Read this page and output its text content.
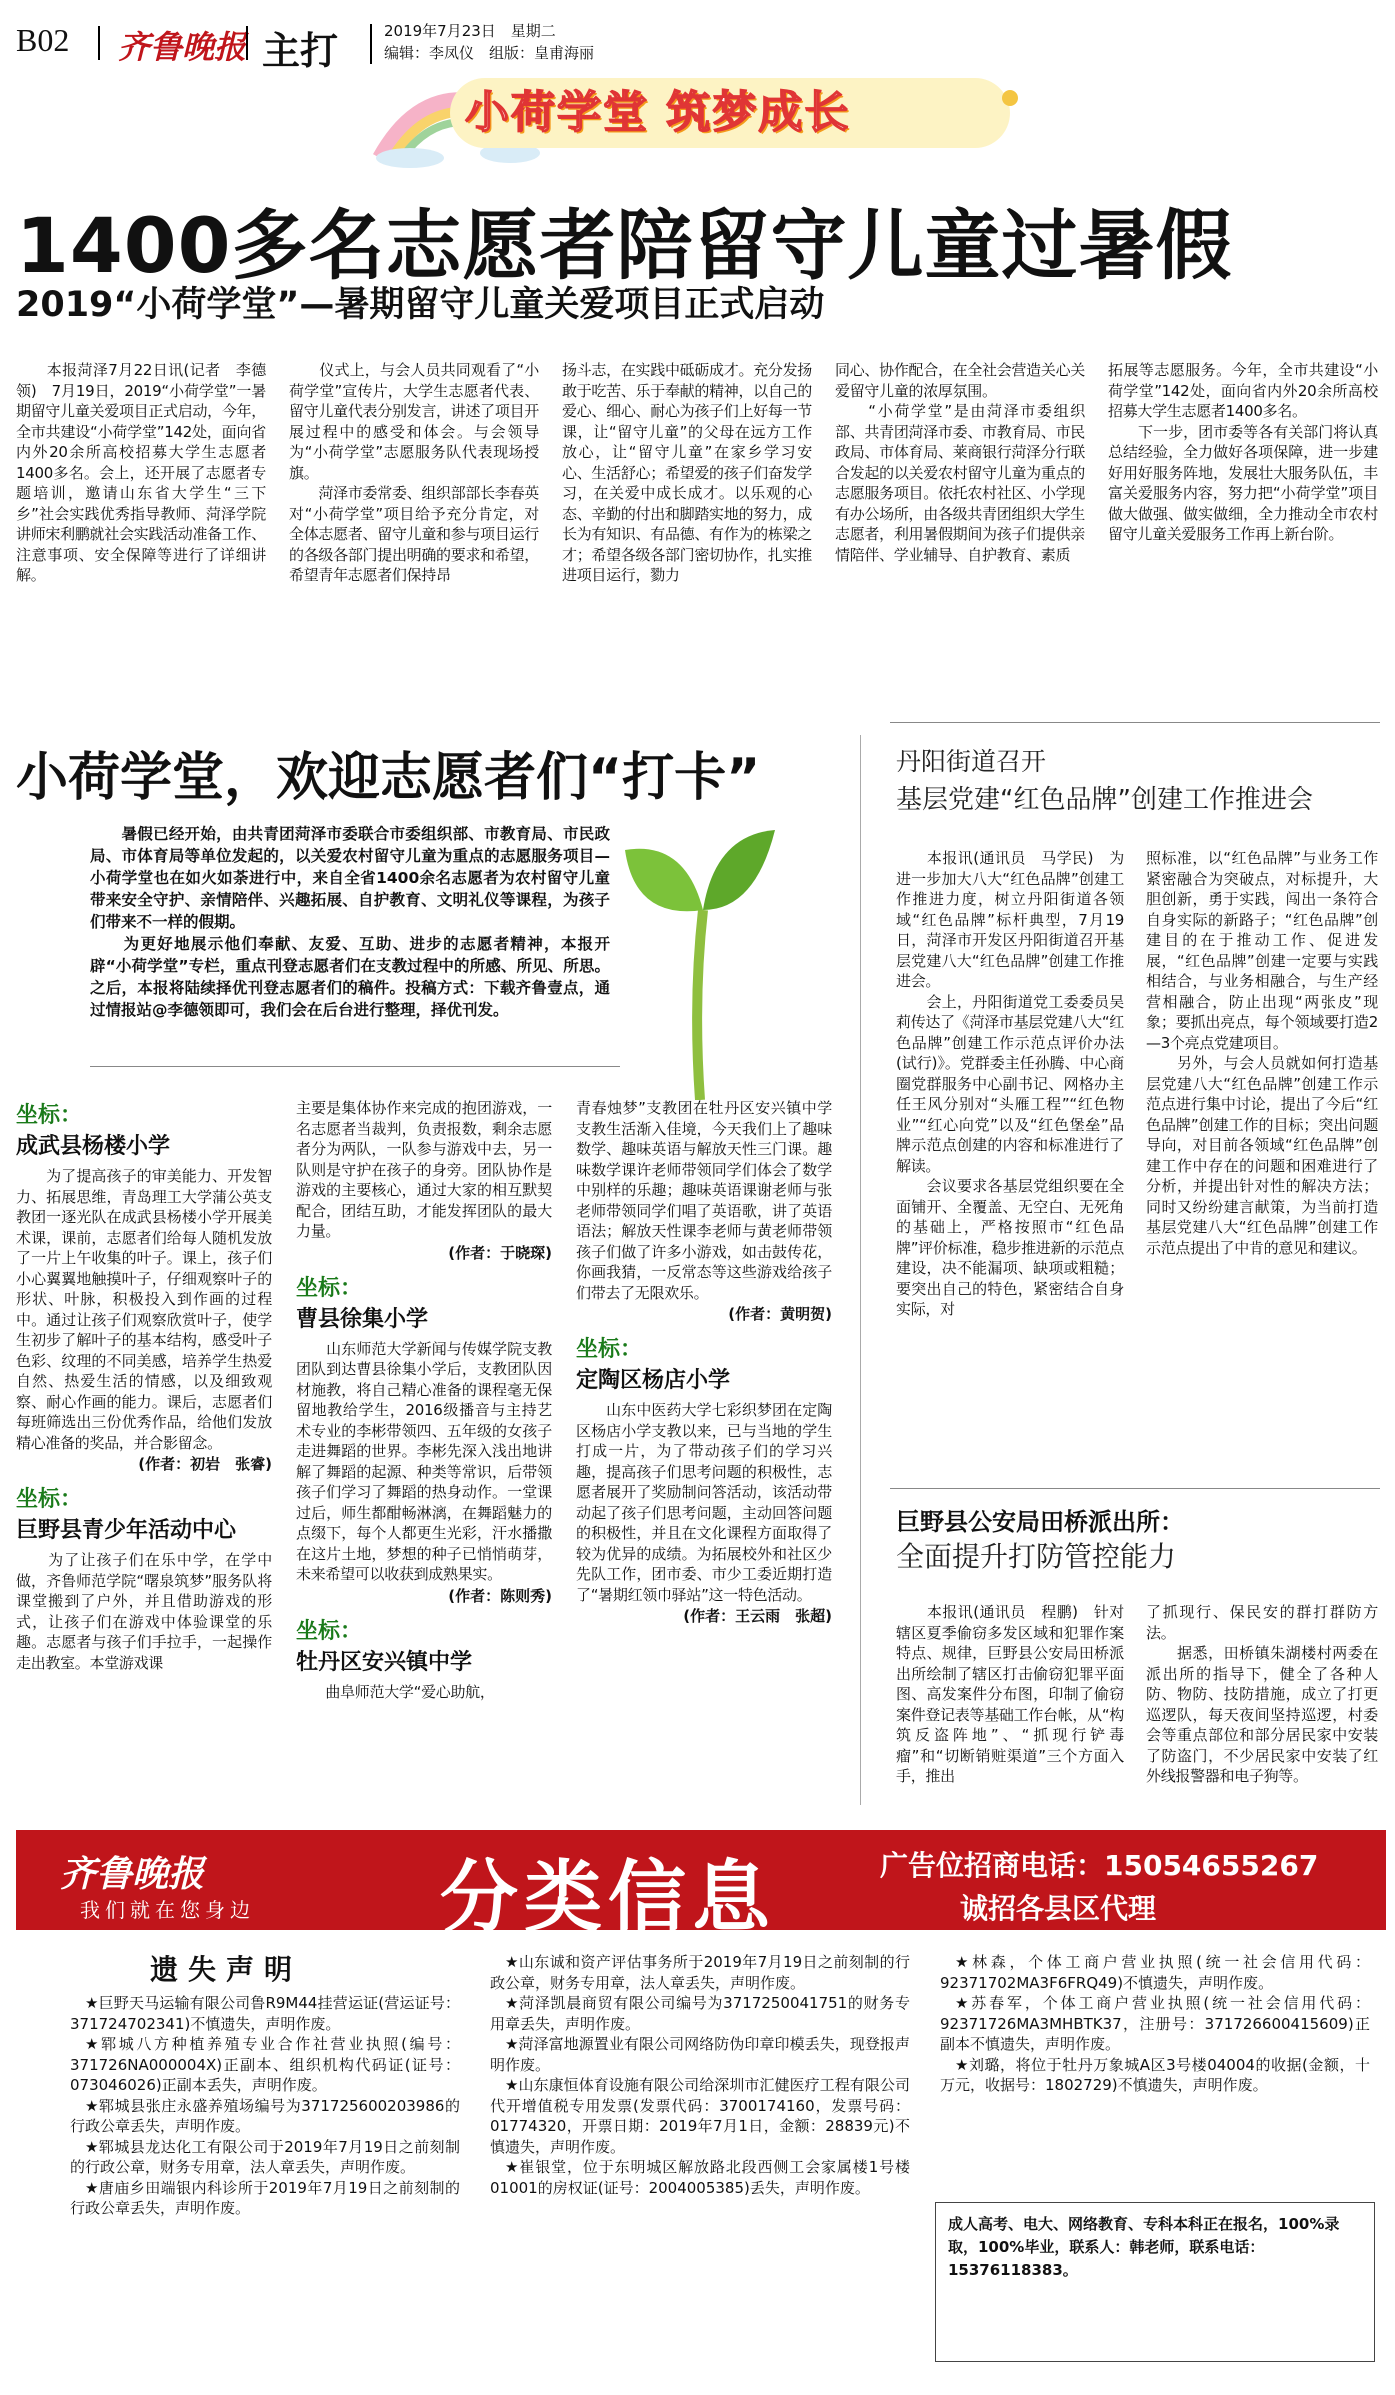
B02 齐鲁晚报 主打	2019年7月23日　星期二
编辑：李凤仪　组版：皇甫海丽
小荷学堂 筑梦成长
1400多名志愿者陪留守儿童过暑假
2019“小荷学堂”—暑期留守儿童关爱项目正式启动

　　本报菏泽7月22日讯(记者　李德领)　7月19日，2019“小荷学堂”一暑期留守儿童关爱项目正式启动，今年，全市共建设“小荷学堂”142处，面向省内外20余所高校招募大学生志愿者1400多名。会上，还开展了志愿者专题培训，邀请山东省大学生“三下乡”社会实践优秀指导教师、菏泽学院讲师宋利鹏就社会实践活动准备工作、注意事项、安全保障等进行了详细讲解。

　　仪式上，与会人员共同观看了“小荷学堂”宣传片，大学生志愿者代表、留守儿童代表分别发言，讲述了项目开展过程中的感受和体会。与会领导为“小荷学堂”志愿服务队代表现场授旗。
　　菏泽市委常委、组织部部长李春英对“小荷学堂”项目给予充分肯定，对全体志愿者、留守儿童和参与项目运行的各级各部门提出明确的要求和希望，希望青年志愿者们保持昂

扬斗志，在实践中砥砺成才。充分发扬敢于吃苦、乐于奉献的精神，以自己的爱心、细心、耐心为孩子们上好每一节课，让“留守儿童”的父母在远方工作放心，让“留守儿童”在家乡学习安心、生活舒心；希望爱的孩子们奋发学习，在关爱中成长成才。以乐观的心态、辛勤的付出和脚踏实地的努力，成长为有知识、有品德、有作为的栋梁之才；希望各级各部门密切协作，扎实推进项目运行，勠力

同心、协作配合，在全社会营造关心关爱留守儿童的浓厚氛围。
　　“小荷学堂”是由菏泽市委组织部、共青团菏泽市委、市教育局、市民政局、市体育局、莱商银行菏泽分行联合发起的以关爱农村留守儿童为重点的志愿服务项目。依托农村社区、小学现有办公场所，由各级共青团组织大学生志愿者，利用暑假期间为孩子们提供亲情陪伴、学业辅导、自护教育、素质

拓展等志愿服务。今年，全市共建设“小荷学堂”142处，面向省内外20余所高校招募大学生志愿者1400多名。
　　下一步，团市委等各有关部门将认真总结经验，全力做好各项保障，进一步建好用好服务阵地，发展壮大服务队伍，丰富关爱服务内容，努力把“小荷学堂”项目做大做强、做实做细，全力推动全市农村留守儿童关爱服务工作再上新台阶。

小荷学堂，欢迎志愿者们“打卡”
　　暑假已经开始，由共青团菏泽市委联合市委组织部、市教育局、市民政局、市体育局等单位发起的，以关爱农村留守儿童为重点的志愿服务项目—小荷学堂也在如火如荼进行中，来自全省1400余名志愿者为农村留守儿童带来安全守护、亲情陪伴、兴趣拓展、自护教育、文明礼仪等课程，为孩子们带来不一样的假期。
　　为更好地展示他们奉献、友爱、互助、进步的志愿者精神，本报开辟“小荷学堂”专栏，重点刊登志愿者们在支教过程中的所感、所见、所思。之后，本报将陆续择优刊登志愿者们的稿件。投稿方式：下载齐鲁壹点，通过情报站@李德领即可，我们会在后台进行整理，择优刊发。
坐标：
成武县杨楼小学

　　为了提高孩子的审美能力、开发智力、拓展思维，青岛理工大学蒲公英支教团一逐光队在成武县杨楼小学开展美术课，课前，志愿者们给每人随机发放了一片上午收集的叶子。课上，孩子们小心翼翼地触摸叶子，仔细观察叶子的形状、叶脉，积极投入到作画的过程中。通过让孩子们观察欣赏叶子，使学生初步了解叶子的基本结构，感受叶子色彩、纹理的不同美感，培养学生热爱自然、热爱生活的情感，以及细致观察、耐心作画的能力。课后，志愿者们每班筛选出三份优秀作品，给他们发放精心准备的奖品，并合影留念。

(作者：初岩　张睿)
坐标：
巨野县青少年活动中心

　　为了让孩子们在乐中学，在学中做，齐鲁师范学院“曙泉筑梦”服务队将课堂搬到了户外，并且借助游戏的形式，让孩子们在游戏中体验课堂的乐趣。志愿者与孩子们手拉手，一起操作走出教室。本堂游戏课

主要是集体协作来完成的抱团游戏，一名志愿者当裁判，负责报数，剩余志愿者分为两队，一队参与游戏中去，另一队则是守护在孩子的身旁。团队协作是游戏的主要核心，通过大家的相互默契配合，团结互助，才能发挥团队的最大力量。

(作者：于晓琛)
坐标：
曹县徐集小学

　　山东师范大学新闻与传媒学院支教团队到达曹县徐集小学后，支教团队因材施教，将自己精心准备的课程毫无保留地教给学生，2016级播音与主持艺术专业的李彬带领四、五年级的女孩子走进舞蹈的世界。李彬先深入浅出地讲解了舞蹈的起源、种类等常识，后带领孩子们学习了舞蹈的热身动作。一堂课过后，师生都酣畅淋漓，在舞蹈魅力的点缀下，每个人都更生光彩，汗水播撒在这片土地，梦想的种子已悄悄萌芽，未来希望可以收获到成熟果实。

(作者：陈则秀)
坐标：
牡丹区安兴镇中学

　　曲阜师范大学“爱心助航，

青春烛梦”支教团在牡丹区安兴镇中学支教生活渐入佳境，今天我们上了趣味数学、趣味英语与解放天性三门课。趣味数学课许老师带领同学们体会了数学中别样的乐趣；趣味英语课谢老师与张老师带领同学们唱了英语歌，讲了英语语法；解放天性课李老师与黄老师带领孩子们做了许多小游戏，如击鼓传花，你画我猜，一反常态等这些游戏给孩子们带去了无限欢乐。

(作者：黄明贺)
坐标：
定陶区杨店小学

　　山东中医药大学七彩织梦团在定陶区杨店小学支教以来，已与当地的学生打成一片，为了带动孩子们的学习兴趣，提高孩子们思考问题的积极性，志愿者展开了奖励制问答活动，该活动带动起了孩子们思考问题，主动回答问题的积极性，并且在文化课程方面取得了较为优异的成绩。为拓展校外和社区少先队工作，团市委、市少工委近期打造了“暑期红领巾驿站”这一特色活动。

(作者：王云雨　张超)
丹阳街道召开
基层党建“红色品牌”创建工作推进会

　　本报讯(通讯员　马学民)　为进一步加大八大“红色品牌”创建工作推进力度，树立丹阳街道各领域“红色品牌”标杆典型，7月19日，菏泽市开发区丹阳街道召开基层党建八大“红色品牌”创建工作推进会。
　　会上，丹阳街道党工委委员吴莉传达了《菏泽市基层党建八大“红色品牌”创建工作示范点评价办法(试行)》。党群委主任孙腾、中心商圈党群服务中心副书记、网格办主任王风分别对“头雁工程”“红色物业”“红心向党”以及“红色堡垒”品牌示范点创建的内容和标准进行了解读。
　　会议要求各基层党组织要在全面铺开、全覆盖、无空白、无死角的基础上，严格按照市“红色品牌”评价标准，稳步推进新的示范点建设，决不能漏项、缺项或粗糙；要突出自己的特色，紧密结合自身实际，对

照标准，以“红色品牌”与业务工作紧密融合为突破点，对标提升，大胆创新，勇于实践，闯出一条符合自身实际的新路子；“红色品牌”创建目的在于推动工作、促进发展，“红色品牌”创建一定要与实践相结合，与业务相融合，与生产经营相融合，防止出现“两张皮”现象；要抓出亮点，每个领域要打造2—3个亮点党建项目。
　　另外，与会人员就如何打造基层党建八大“红色品牌”创建工作示范点进行集中讨论，提出了今后“红色品牌”创建工作的目标；突出问题导向，对目前各领域“红色品牌”创建工作中存在的问题和困难进行了分析，并提出针对性的解决方法；同时又纷纷建言献策，为当前打造基层党建八大“红色品牌”创建工作示范点提出了中肯的意见和建议。

巨野县公安局田桥派出所：
全面提升打防管控能力

　　本报讯(通讯员　程鹏)　针对辖区夏季偷窃多发区域和犯罪作案特点、规律，巨野县公安局田桥派出所绘制了辖区打击偷窃犯罪平面图、高发案件分布图，印制了偷窃案件登记表等基础工作台帐，从“构筑反盗阵地”、“抓现行铲毒瘤”和“切断销赃渠道”三个方面入手，推出

了抓现行、保民安的群打群防方法。
　　据悉，田桥镇朱湖楼村两委在派出所的指导下，健全了各种人防、物防、技防措施，成立了打更巡逻队，每天夜间坚持巡逻，村委会等重点部位和部分居民家中安装了防盗门，不少居民家中安装了红外线报警器和电子狗等。

齐鲁晚报
我们就在您身边 分类信息	广告位招商电话：15054655267
诚招各县区代理
遗失声明
★巨野天马运输有限公司鲁R9M44挂营运证(营运证号：371724702341)不慎遗失，声明作废。
★郓城八方种植养殖专业合作社营业执照(编号：371726NA000004X)正副本、组织机构代码证(证号：073046026)正副本丢失，声明作废。
★郓城县张庄永盛养殖场编号为371725600203986的行政公章丢失，声明作废。
★郓城县龙达化工有限公司于2019年7月19日之前刻制的行政公章，财务专用章，法人章丢失，声明作废。
★唐庙乡田端银内科诊所于2019年7月19日之前刻制的行政公章丢失，声明作废。
★山东诚和资产评估事务所于2019年7月19日之前刻制的行政公章，财务专用章，法人章丢失，声明作废。
★菏泽凯晨商贸有限公司编号为3717250041751的财务专用章丢失，声明作废。
★菏泽富地源置业有限公司网络防伪印章印模丢失，现登报声明作废。
★山东康恒体育设施有限公司给深圳市汇健医疗工程有限公司代开增值税专用发票(发票代码：3700174160，发票号码：01774320，开票日期：2019年7月1日，金额：28839元)不慎遗失，声明作废。
★崔银堂，位于东明城区解放路北段西侧工会家属楼1号楼01001的房权证(证号：2004005385)丢失，声明作废。
★林森，个体工商户营业执照(统一社会信用代码：92371702MA3F6FRQ49)不慎遗失，声明作废。
★苏春军，个体工商户营业执照(统一社会信用代码：92371726MA3MHBTK37，注册号：371726600415609)正副本不慎遗失，声明作废。
★刘璐，将位于牡丹万象城A区3号楼04004的收据(金额，十万元，收据号：1802729)不慎遗失，声明作废。
成人高考、电大、网络教育、专科本科正在报名，100%录取，100%毕业，联系人：韩老师，联系电话：15376118383。
